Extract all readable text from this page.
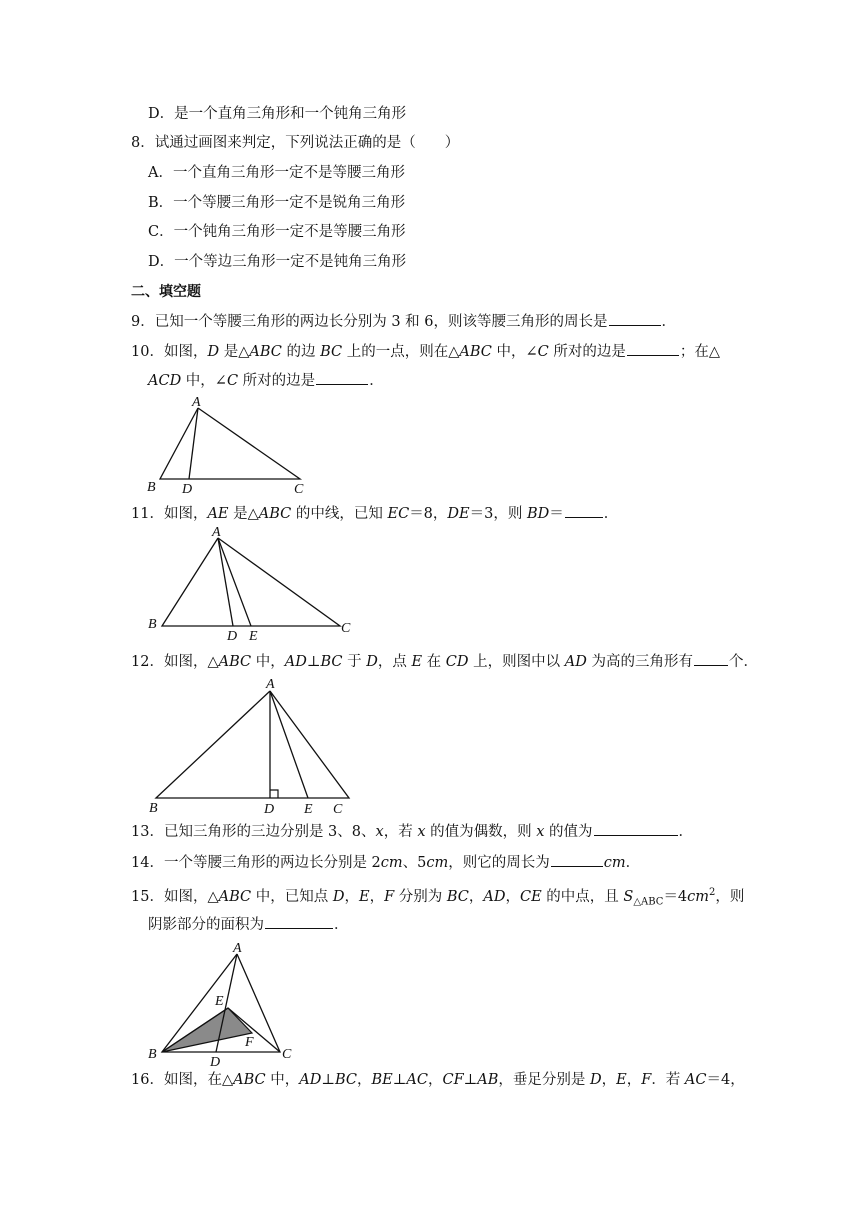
D．是一个直角三角形和一个钝角三角形
8．试通过画图来判定，下列说法正确的是（　　）
A．一个直角三角形一定不是等腰三角形
B．一个等腰三角形一定不是锐角三角形
C．一个钝角三角形一定不是等腰三角形
D．一个等边三角形一定不是钝角三角形
二、填空题
9．已知一个等腰三角形的两边长分别为 3 和 6，则该等腰三角形的周长是	．
10．如图，D 是△ABC 的边 BC 上的一点，则在△ABC 中，∠C 所对的边是	；在△
ACD 中，∠C 所对的边是	．
A
B D	C
11．如图，AE 是△ABC 的中线，已知 EC＝8，DE＝3，则 BD＝	．
A
B
D E
C
12．如图，△ABC 中，AD⊥BC 于 D，点 E 在 CD 上，则图中以 AD 为高的三角形有 个．
A
B	D E C
13．已知三角形的三边分别是 3、8、x，若 x 的值为偶数，则 x 的值为	．
14．一个等腰三角形的两边长分别是 2cm、5cm，则它的周长为	cm．
15．如图，△ABC 中，已知点 D，E，F 分别为 BC，AD，CE 的中点，且 $S_{\triangle ABC}=4cm^2$，则
阴影部分的面积为	．
A
B
E
F
D
C
16．如图，在△ABC 中，AD⊥BC，BE⊥AC，CF⊥AB，垂足分别是 D，E，F．若 AC＝4，
